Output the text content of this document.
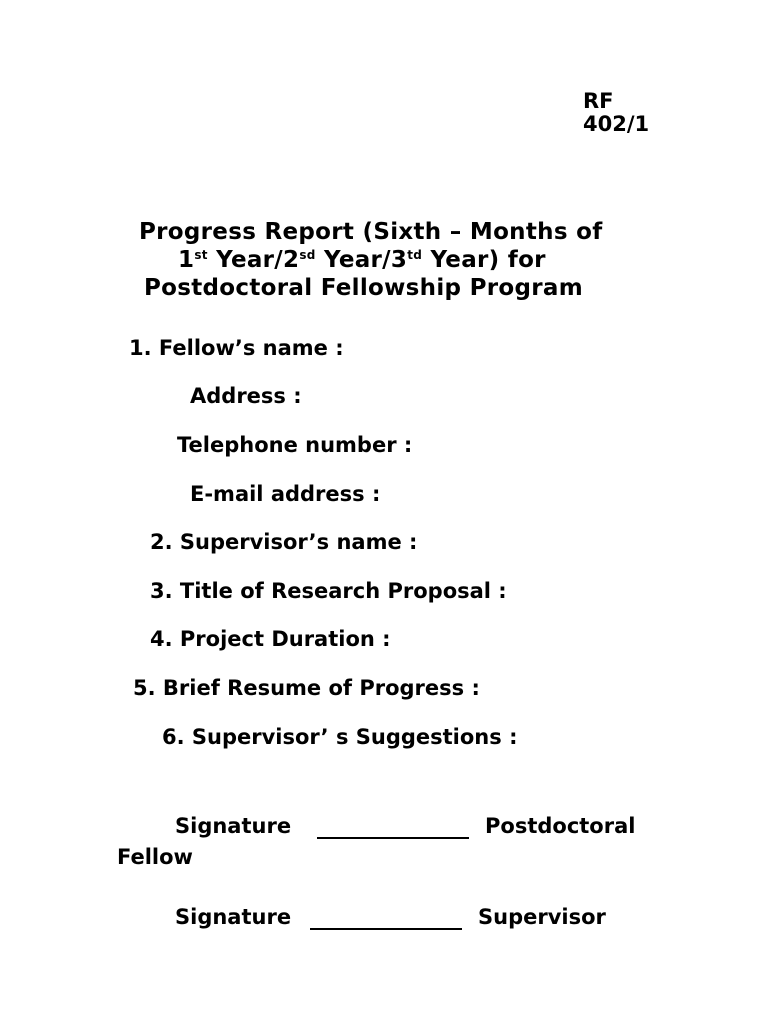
RF
402/1
Progress Report (Sixth – Months of
1st Year/$2^{sd}$ Year/$3^{td}$ Year) for
Postdoctoral Fellowship Program
1. Fellow’s name :
Address :
Telephone number :
E-mail address :
2. Supervisor’s name :
3. Title of Research Proposal :
4. Project Duration :
5. Brief Resume of Progress :
6. Supervisor’ s Suggestions :
Signature	Postdoctoral
Fellow
Signature	Supervisor
